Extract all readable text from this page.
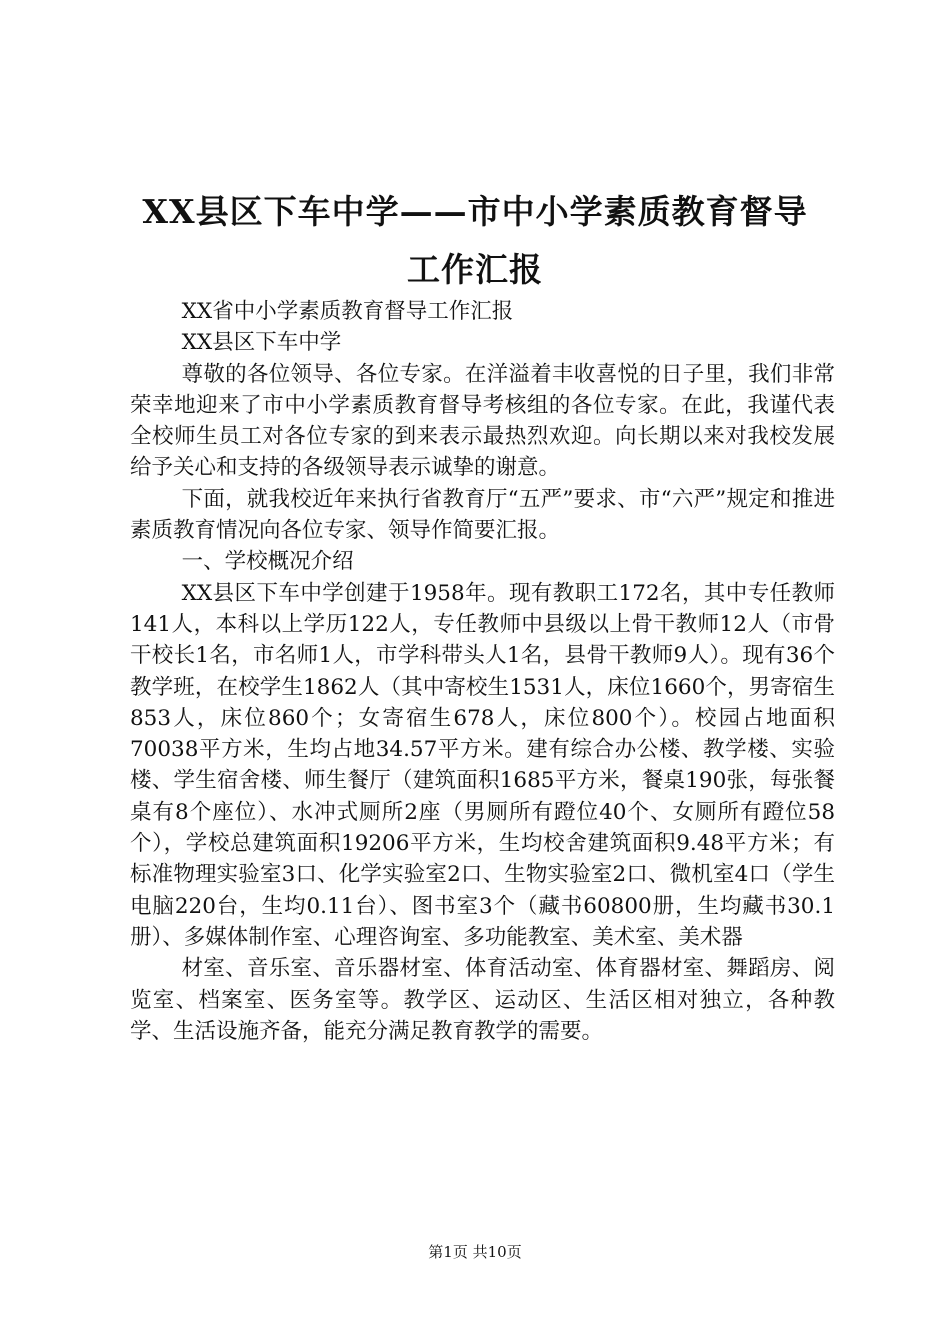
XX县区下车中学——市中小学素质教育督导
工作汇报

XX省中小学素质教育督导工作汇报

XX县区下车中学

尊敬的各位领导、各位专家。在洋溢着丰收喜悦的日子里，我们非常荣幸地迎来了市中小学素质教育督导考核组的各位专家。在此，我谨代表全校师生员工对各位专家的到来表示最热烈欢迎。向长期以来对我校发展给予关心和支持的各级领导表示诚挚的谢意。

下面，就我校近年来执行省教育厅“五严”要求、市“六严”规定和推进素质教育情况向各位专家、领导作简要汇报。

一、学校概况介绍

XX县区下车中学创建于1958年。现有教职工172名，其中专任教师141人，本科以上学历122人，专任教师中县级以上骨干教师12人（市骨干校长1名，市名师1人，市学科带头人1名，县骨干教师9人）。现有36个教学班，在校学生1862人（其中寄校生1531人，床位1660个，男寄宿生853人，床位860个；女寄宿生678人，床位800个）。校园占地面积70038平方米，生均占地34.57平方米。建有综合办公楼、教学楼、实验楼、学生宿舍楼、师生餐厅（建筑面积1685平方米，餐桌190张，每张餐桌有8个座位）、水冲式厕所2座（男厕所有蹬位40个、女厕所有蹬位58个），学校总建筑面积19206平方米，生均校舍建筑面积9.48平方米；有标准物理实验室3口、化学实验室2口、生物实验室2口、微机室4口（学生电脑220台，生均0.11台）、图书室3个（藏书60800册，生均藏书30.1册）、多媒体制作室、心理咨询室、多功能教室、美术室、美术器

材室、音乐室、音乐器材室、体育活动室、体育器材室、舞蹈房、阅览室、档案室、医务室等。教学区、运动区、生活区相对独立，各种教学、生活设施齐备，能充分满足教育教学的需要。

第1页 共10页
